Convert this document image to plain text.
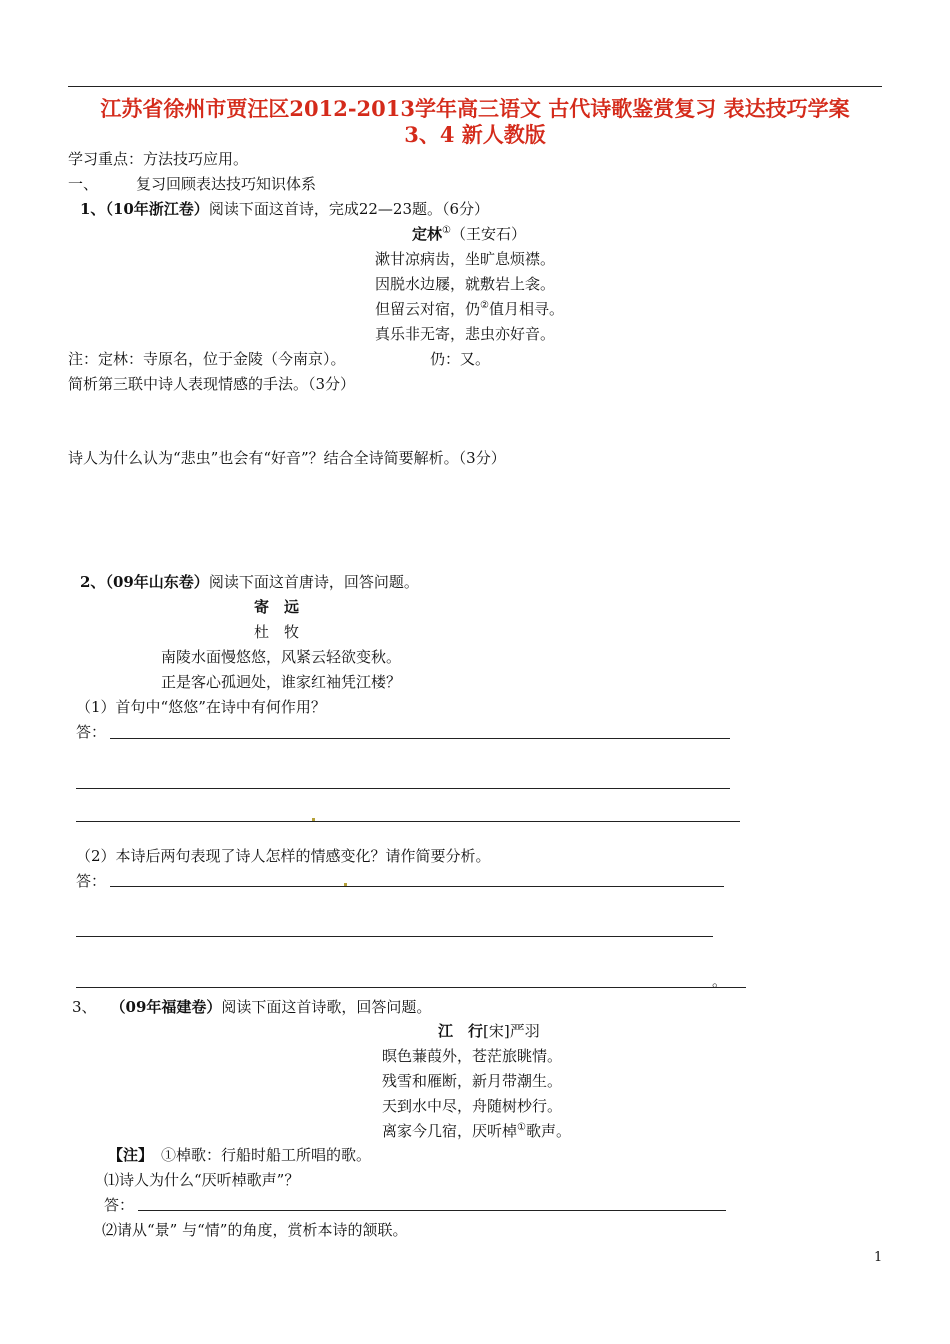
江苏省徐州市贾汪区2012-2013学年高三语文 古代诗歌鉴赏复习 表达技巧学案
3、4 新人教版
学习重点：方法技巧应用。
一、	复习回顾表达技巧知识体系
1、（10年浙江卷）阅读下面这首诗，完成22—23题。（6分）
定林①（王安石）
漱甘凉病齿，坐旷息烦襟。
因脱水边屦，就敷岩上衾。
但留云对宿，仍②值月相寻。
真乐非无寄，悲虫亦好音。
注：定林：寺原名，位于金陵（今南京）。	仍：又。
简析第三联中诗人表现情感的手法。（3分）
诗人为什么认为“悲虫”也会有“好音”？结合全诗简要解析。（3分）
2、（09年山东卷）阅读下面这首唐诗，回答问题。
寄　远
杜　牧
南陵水面慢悠悠，风紧云轻欲变秋。
正是客心孤迥处，谁家红袖凭江楼？
（1）首句中“悠悠”在诗中有何作用？
答：
（2）本诗后两句表现了诗人怎样的情感变化？请作简要分析。
答：
。
3、 （09年福建卷）阅读下面这首诗歌，回答问题。
江　行[宋]严羽
暝色蒹葭外，苍茫旅眺情。
残雪和雁断，新月带潮生。
天到水中尽，舟随树杪行。
离家今几宿，厌听棹①歌声。
【注】 ①棹歌：行船时船工所唱的歌。
⑴诗人为什么“厌听棹歌声”？
答：
⑵请从“景” 与“情”的角度，赏析本诗的颔联。
1
